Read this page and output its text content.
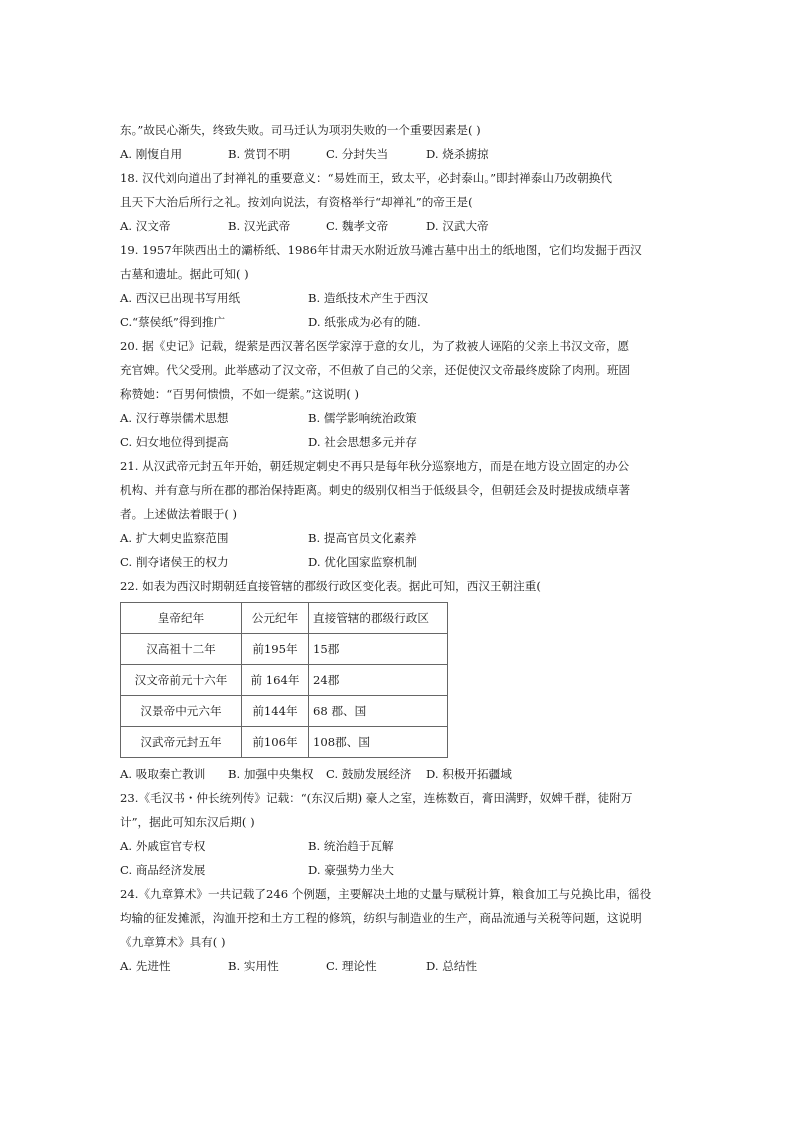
东。”故民心渐失，终致失败。司马迁认为项羽失败的一个重要因素是( )

A. 刚愎自用	B. 赏罚不明	C. 分封失当	D. 烧杀掳掠

18. 汉代刘向道出了封禅礼的重要意义：“易姓而王，致太平，必封泰山。”即封禅泰山乃改朝换代

且天下大治后所行之礼。按刘向说法，有资格举行“却禅礼”的帝王是(

A. 汉文帝	B. 汉光武帝	C. 魏孝文帝	D. 汉武大帝

19. 1957年陕西出土的灞桥纸、1986年甘肃天水附近放马滩古墓中出土的纸地图，它们均发掘于西汉

古墓和遗址。据此可知( )

A. 西汉已出现书写用纸	B. 造纸技术产生于西汉
C.“蔡侯纸”得到推广	D. 纸张成为必有的随.

20. 据《史记》记载，缇萦是西汉著名医学家淳于意的女儿，为了救被人诬陷的父亲上书汉文帝，愿

充官婢。代父受刑。此举感动了汉文帝，不但赦了自己的父亲，还促使汉文帝最终废除了肉刑。班固

称赞她：“百男何愦愦，不如一缇萦。”这说明( )

A. 汉行尊崇儒术思想	B. 儒学影响统治政策
C. 妇女地位得到提高	D. 社会思想多元并存

21. 从汉武帝元封五年开始，朝廷规定刺史不再只是每年秋分巡察地方，而是在地方设立固定的办公

机构、并有意与所在郡的郡治保持距离。刺史的级别仅相当于低级县令，但朝廷会及时提拔成绩卓著

者。上述做法着眼于( )

A. 扩大刺史监察范围	B. 提高官员文化素养
C. 削夺诸侯王的权力	D. 优化国家监察机制

22. 如表为西汉时期朝廷直接管辖的郡级行政区变化表。据此可知，西汉王朝注重(

皇帝纪年	公元纪年	直接管辖的郡级行政区
汉高祖十二年	前195年	15郡
汉文帝前元十六年	前 164年	24郡
汉景帝中元六年	前144年	68 郡、国
汉武帝元封五年	前106年	108郡、国
A. 吸取秦亡教训	B. 加强中央集权	C. 鼓励发展经济	D. 积极开拓疆域

23.《毛汉书・仲长统列传》记载：“(东汉后期) 豪人之室，连栋数百，膏田满野，奴婢千群，徒附万

计”，据此可知东汉后期( )

A. 外戚宦官专权	B. 统治趋于瓦解
C. 商品经济发展	D. 豪强势力坐大

24.《九章算术》一共记载了246 个例题，主要解决土地的丈量与赋税计算，粮食加工与兑换比串，徭役

均输的征发摊派，沟洫开挖和土方工程的修筑，纺织与制造业的生产，商品流通与关税等问题，这说明

《九章算术》具有( )

A. 先进性	B. 实用性	C. 理论性	D. 总结性
